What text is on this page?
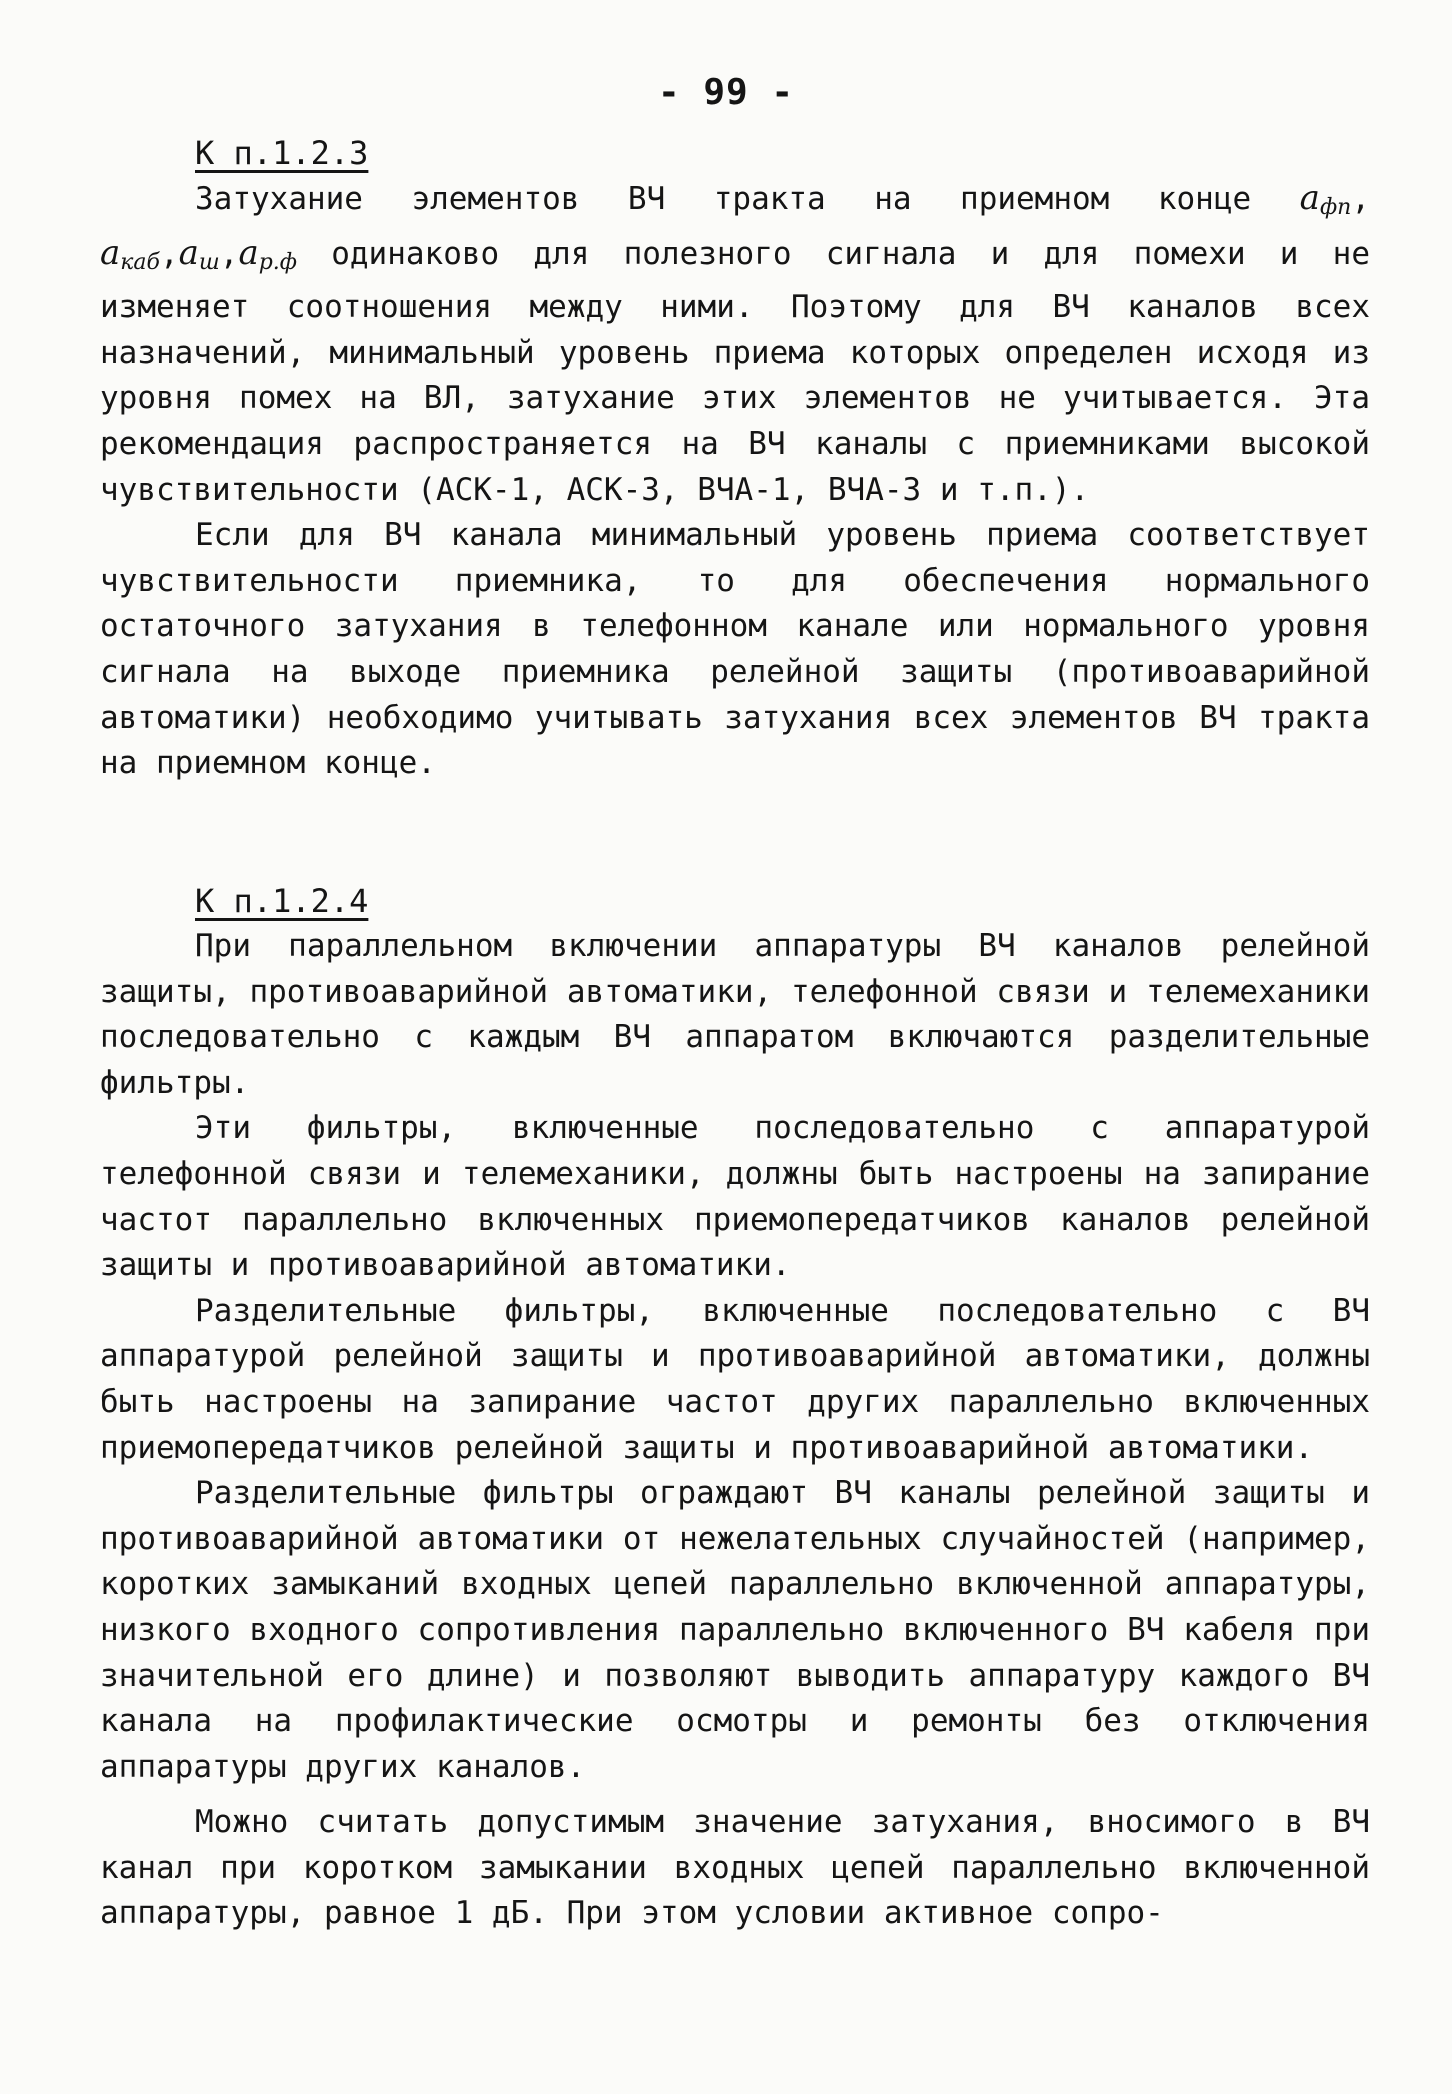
- 99 -
К п.1.2.3

Затухание элементов ВЧ тракта на приемном конце $a_{фп}$, $a_{каб},a_ш,a_{р.ф}$ одинаково для полезного сигнала и для помехи и не изменяет соотношения между ними. Поэтому для ВЧ каналов всех назначений, минимальный уровень приема которых определен исходя из уровня помех на ВЛ, затухание этих элементов не учитывается. Эта рекомендация распространяется на ВЧ каналы с приемниками высокой чувствительности (АСК-1, АСК-3, ВЧА-1, ВЧА-3 и т.п.).

Если для ВЧ канала минимальный уровень приема соответствует чувствительности приемника, то для обеспечения нормального остаточного затухания в телефонном канале или нормального уровня сигнала на выходе приемника релейной защиты (противоаварийной автоматики) необходимо учитывать затухания всех элементов ВЧ тракта на приемном конце.

К п.1.2.4

При параллельном включении аппаратуры ВЧ каналов релейной защиты, противоаварийной автоматики, телефонной связи и телемеханики последовательно с каждым ВЧ аппаратом включаются разделительные фильтры.

Эти фильтры, включенные последовательно с аппаратурой телефонной связи и телемеханики, должны быть настроены на запирание частот параллельно включенных приемопередатчиков каналов релейной защиты и противоаварийной автоматики.

Разделительные фильтры, включенные последовательно с ВЧ аппаратурой релейной защиты и противоаварийной автоматики, должны быть настроены на запирание частот других параллельно включенных приемопередатчиков релейной защиты и противоаварийной автоматики.

Разделительные фильтры ограждают ВЧ каналы релейной защиты и противоаварийной автоматики от нежелательных случайностей (например, коротких замыканий входных цепей параллельно включенной аппаратуры, низкого входного сопротивления параллельно включенного ВЧ кабеля при значительной его длине) и позволяют выводить аппаратуру каждого ВЧ канала на профилактические осмотры и ремонты без отключения аппаратуры других каналов.

Можно считать допустимым значение затухания, вносимого в ВЧ канал при коротком замыкании входных цепей параллельно включенной аппаратуры, равное 1 дБ. При этом условии активное сопро-
